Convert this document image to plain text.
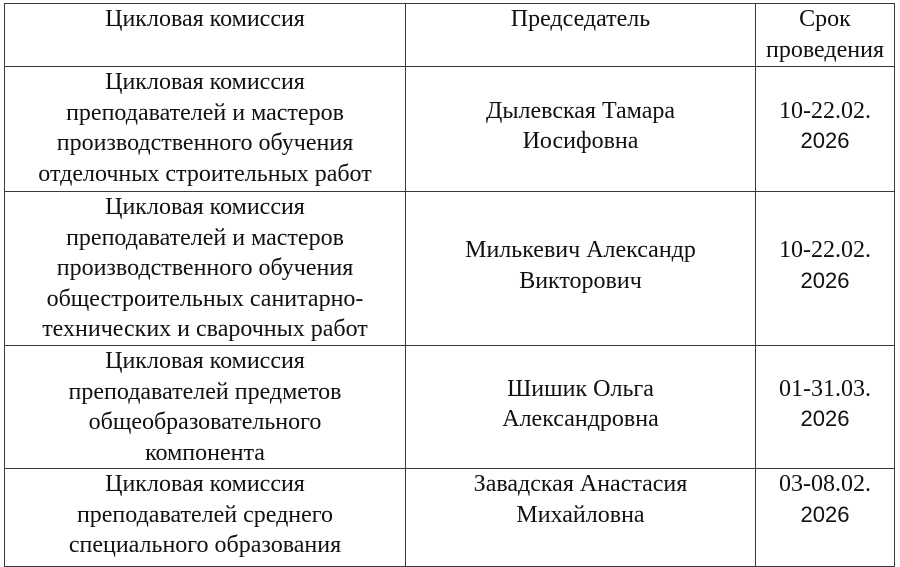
Цикловая комиссия	Председатель	Срок
проведения

Цикловая комиссия
преподавателей и мастеров
производственного обучения
отделочных строительных работ	Дылевская Тамара
Иосифовна	10-22.02.
2026

Цикловая комиссия
преподавателей и мастеров
производственного обучения
общестроительных санитарно-
технических и сварочных работ	Милькевич Александр
Викторович	10-22.02.
2026

Цикловая комиссия
преподавателей предметов
общеобразовательного
компонента	Шишик Ольга
Александровна	01-31.03.
2026

Цикловая комиссия
преподавателей среднего
специального образования	Завадская Анастасия
Михайловна	03-08.02.
2026
